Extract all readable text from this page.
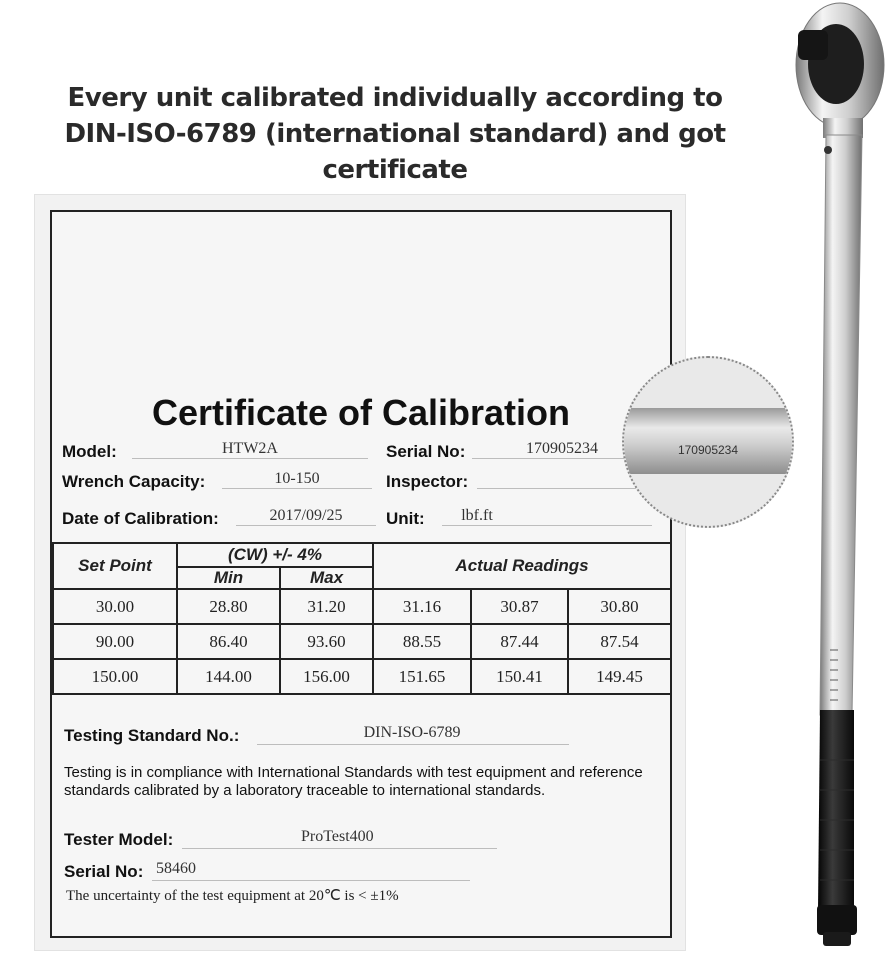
Every unit calibrated individually according to
DIN-ISO-6789 (international standard) and got certificate
Certificate of Calibration
Model:	HTW2A	Serial No:	170905234
Wrench Capacity:	10-150	Inspector:
Date of Calibration:	2017/09/25	Unit:	lbf.ft
Set Point	(CW) +/- 4%		Actual Readings		
	Min	Max			
30.00	28.80	31.20	31.16	30.87	30.80
90.00	86.40	93.60	88.55	87.44	87.54
150.00	144.00	156.00	151.65	150.41	149.45
Testing Standard No.:	DIN-ISO-6789
Testing is in compliance with International Standards with test equipment and reference standards calibrated by a laboratory traceable to international standards.
Tester Model:	ProTest400
Serial No: 58460
The uncertainty of the test equipment at 20℃ is < ±1%
170905234
